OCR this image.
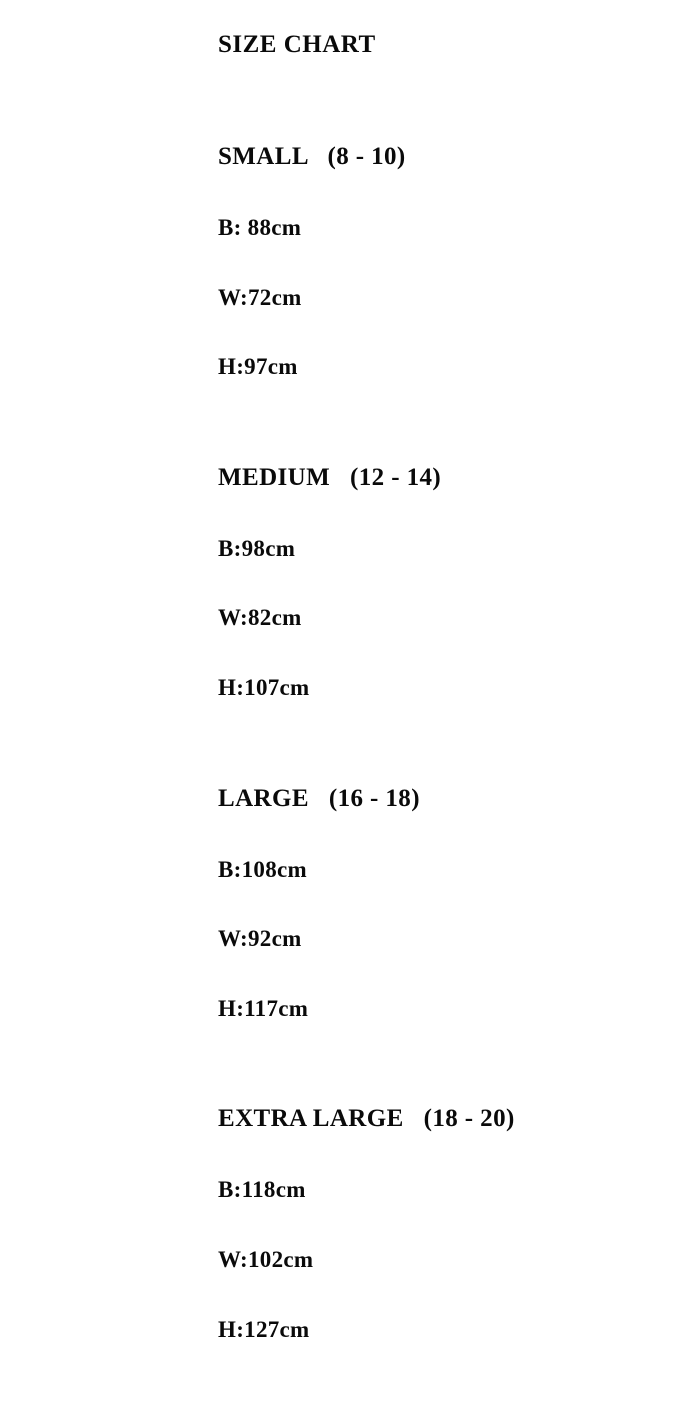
SIZE CHART
SMALL   (8 - 10)
B: 88cm
W:72cm
H:97cm
MEDIUM   (12 - 14)
B:98cm
W:82cm
H:107cm
LARGE   (16 - 18)
B:108cm
W:92cm
H:117cm
EXTRA LARGE   (18 - 20)
B:118cm
W:102cm
H:127cm
